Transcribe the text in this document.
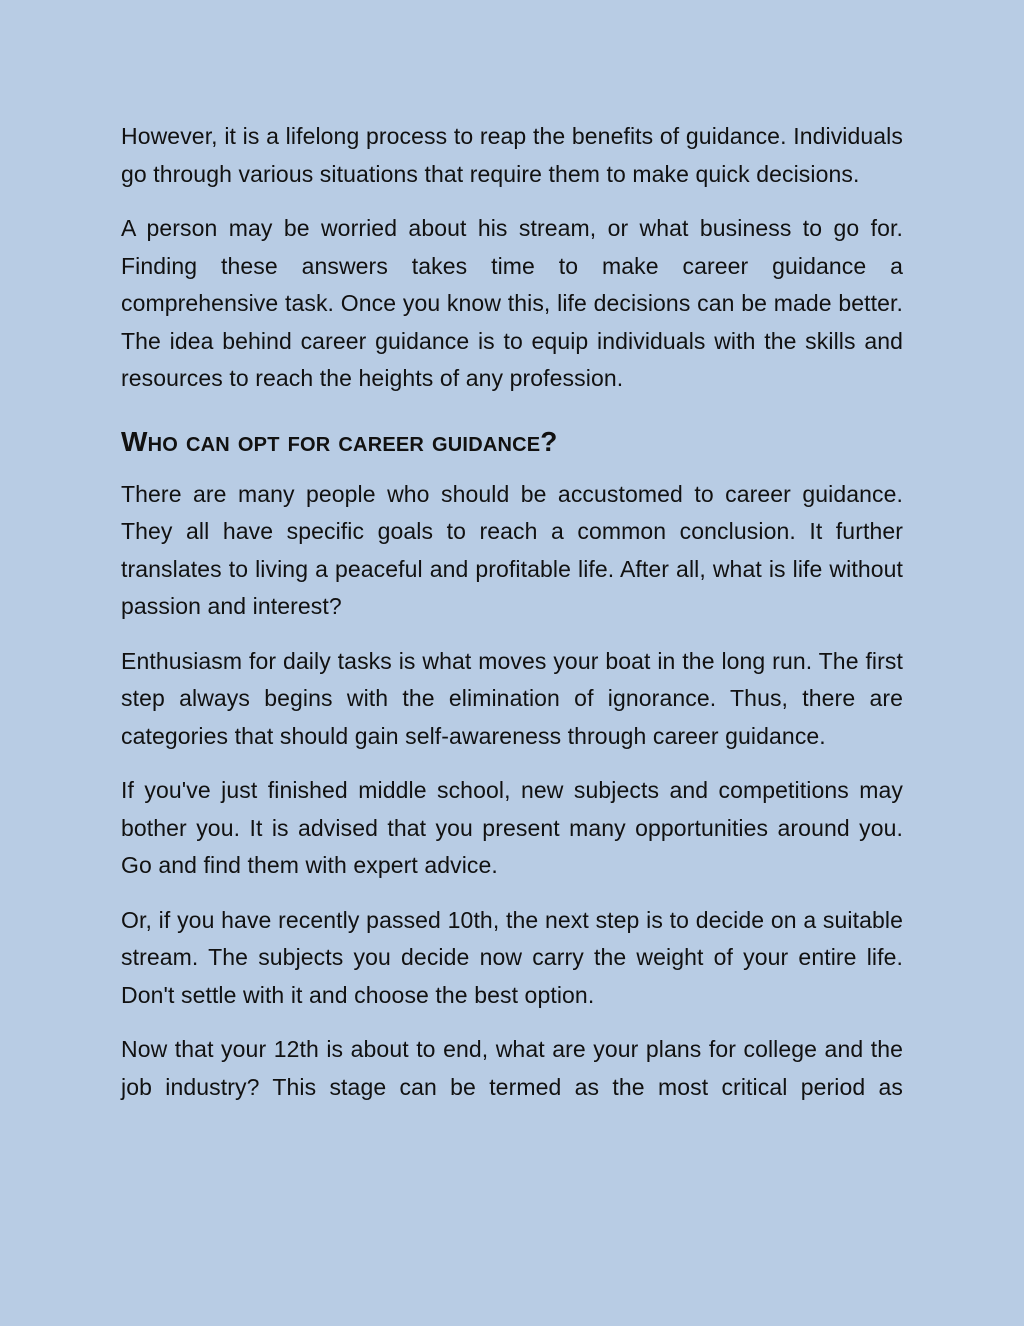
However, it is a lifelong process to reap the benefits of guidance. Individuals go through various situations that require them to make quick decisions.

A person may be worried about his stream, or what business to go for. Finding these answers takes time to make career guidance a comprehensive task. Once you know this, life decisions can be made better. The idea behind career guidance is to equip individuals with the skills and resources to reach the heights of any profession.

Who can opt for career guidance?

There are many people who should be accustomed to career guidance. They all have specific goals to reach a common conclusion. It further translates to living a peaceful and profitable life. After all, what is life without passion and interest?

Enthusiasm for daily tasks is what moves your boat in the long run. The first step always begins with the elimination of ignorance. Thus, there are categories that should gain self-awareness through career guidance.

If you've just finished middle school, new subjects and competitions may bother you. It is advised that you present many opportunities around you. Go and find them with expert advice.

Or, if you have recently passed 10th, the next step is to decide on a suitable stream. The subjects you decide now carry the weight of your entire life. Don't settle with it and choose the best option.

Now that your 12th is about to end, what are your plans for college and the job industry? This stage can be termed as the most critical period as
